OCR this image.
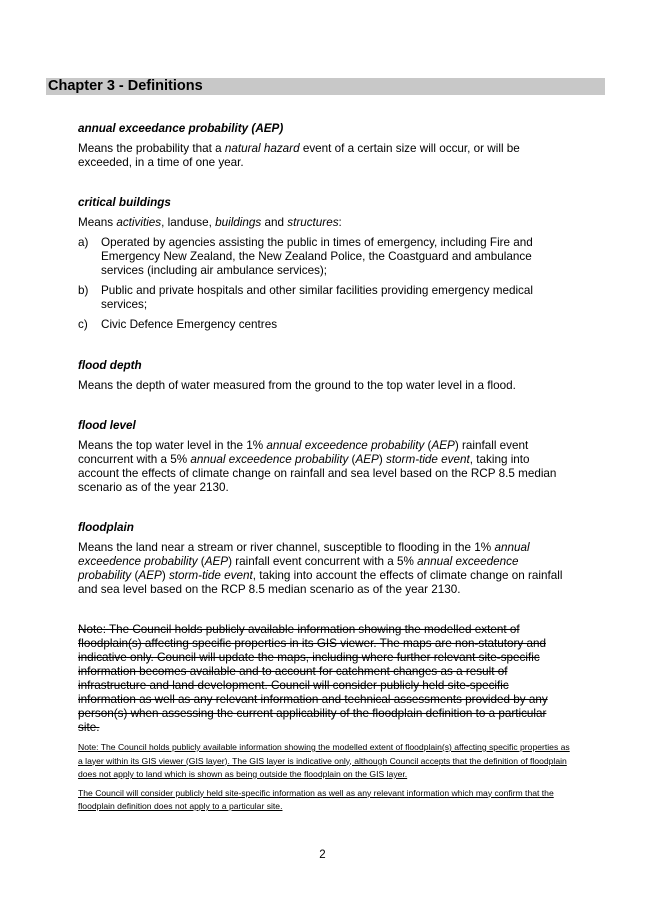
Chapter 3 - Definitions
annual exceedance probability (AEP)

Means the probability that a natural hazard event of a certain size will occur, or will be exceeded, in a time of one year.

critical buildings

Means activities, landuse, buildings and structures:

a) Operated by agencies assisting the public in times of emergency, including Fire and Emergency New Zealand, the New Zealand Police, the Coastguard and ambulance services (including air ambulance services);
b) Public and private hospitals and other similar facilities providing emergency medical services;
c) Civic Defence Emergency centres
flood depth

Means the depth of water measured from the ground to the top water level in a flood.

flood level

Means the top water level in the 1% annual exceedence probability (AEP) rainfall event concurrent with a 5% annual exceedence probability (AEP) storm-tide event, taking into account the effects of climate change on rainfall and sea level based on the RCP 8.5 median scenario as of the year 2130.

floodplain

Means the land near a stream or river channel, susceptible to flooding in the 1% annual exceedence probability (AEP) rainfall event concurrent with a 5% annual exceedence probability (AEP) storm-tide event, taking into account the effects of climate change on rainfall and sea level based on the RCP 8.5 median scenario as of the year 2130.

Note: The Council holds publicly available information showing the modelled extent of floodplain(s) affecting specific properties in its GIS viewer. The maps are non-statutory and indicative only. Council will update the maps, including where further relevant site-specific information becomes available and to account for catchment changes as a result of infrastructure and land development. Council will consider publicly held site-specific information as well as any relevant information and technical assessments provided by any person(s) when assessing the current applicability of the floodplain definition to a particular site.

Note: The Council holds publicly available information showing the modelled extent of floodplain(s) affecting specific properties as a layer within its GIS viewer (GIS layer). The GIS layer is indicative only, although Council accepts that the definition of floodplain does not apply to land which is shown as being outside the floodplain on the GIS layer.

The Council will consider publicly held site-specific information as well as any relevant information which may confirm that the floodplain definition does not apply to a particular site.

2
